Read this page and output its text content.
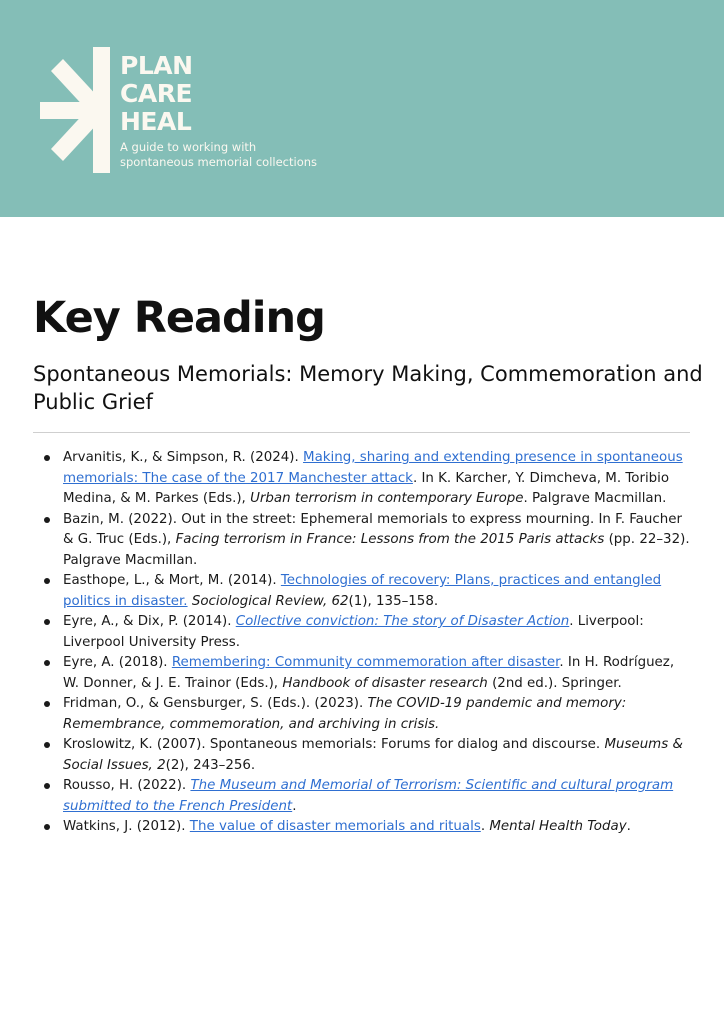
PLAN
CARE
HEAL
A guide to working with
spontaneous memorial collections
Key Reading
Spontaneous Memorials: Memory Making, Commemoration and Public Grief
Arvanitis, K., & Simpson, R. (2024). Making, sharing and extending presence in spontaneous memorials: The case of the 2017 Manchester attack. In K. Karcher, Y. Dimcheva, M. Toribio Medina, & M. Parkes (Eds.), Urban terrorism in contemporary Europe. Palgrave Macmillan.
Bazin, M. (2022). Out in the street: Ephemeral memorials to express mourning. In F. Faucher & G. Truc (Eds.), Facing terrorism in France: Lessons from the 2015 Paris attacks (pp. 22–32). Palgrave Macmillan.
Easthope, L., & Mort, M. (2014). Technologies of recovery: Plans, practices and entangled politics in disaster. Sociological Review, 62(1), 135–158.
Eyre, A., & Dix, P. (2014). Collective conviction: The story of Disaster Action. Liverpool: Liverpool University Press.
Eyre, A. (2018). Remembering: Community commemoration after disaster. In H. Rodríguez, W. Donner, & J. E. Trainor (Eds.), Handbook of disaster research (2nd ed.). Springer.
Fridman, O., & Gensburger, S. (Eds.). (2023). The COVID-19 pandemic and memory: Remembrance, commemoration, and archiving in crisis.
Kroslowitz, K. (2007). Spontaneous memorials: Forums for dialog and discourse. Museums & Social Issues, 2(2), 243–256.
Rousso, H. (2022). The Museum and Memorial of Terrorism: Scientific and cultural program submitted to the French President.
Watkins, J. (2012). The value of disaster memorials and rituals. Mental Health Today.
